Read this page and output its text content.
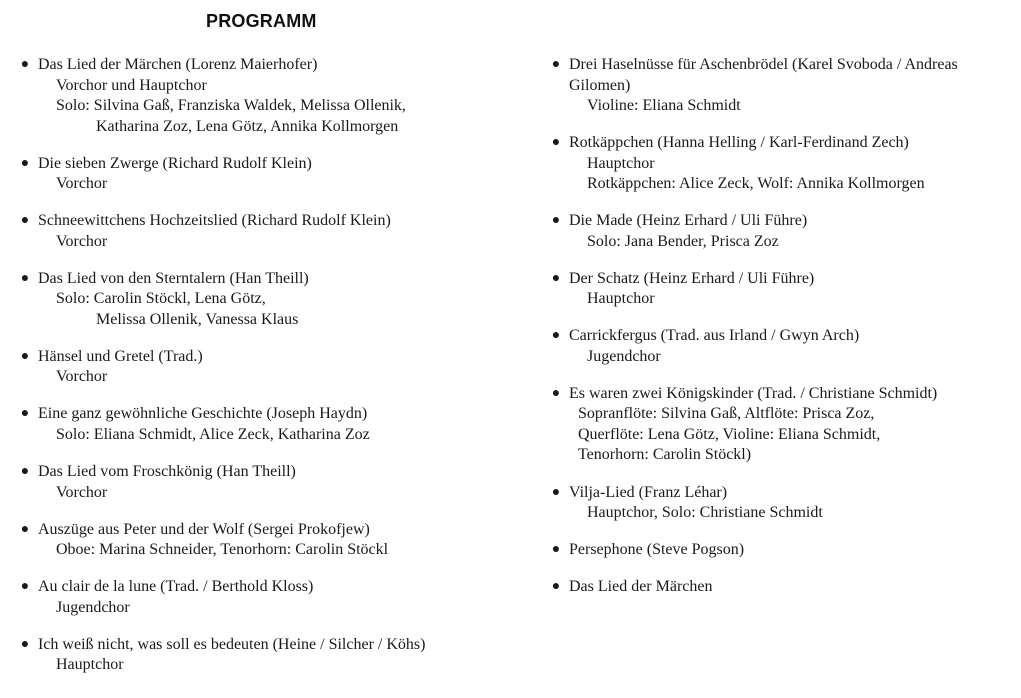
PROGRAMM
● Das Lied der Märchen (Lorenz Maierhofer)
Vorchor und Hauptchor
Solo: Silvina Gaß, Franziska Waldek, Melissa Ollenik,
Katharina Zoz, Lena Götz, Annika Kollmorgen
● Die sieben Zwerge (Richard Rudolf Klein)
Vorchor
● Schneewittchens Hochzeitslied (Richard Rudolf Klein)
Vorchor
● Das Lied von den Sterntalern (Han Theill)
Solo: Carolin Stöckl, Lena Götz,
Melissa Ollenik, Vanessa Klaus
● Hänsel und Gretel (Trad.)
Vorchor
● Eine ganz gewöhnliche Geschichte (Joseph Haydn)
Solo: Eliana Schmidt, Alice Zeck, Katharina Zoz
● Das Lied vom Froschkönig (Han Theill)
Vorchor
● Auszüge aus Peter und der Wolf (Sergei Prokofjew)
Oboe: Marina Schneider, Tenorhorn: Carolin Stöckl
● Au clair de la lune (Trad. / Berthold Kloss)
Jugendchor
● Ich weiß nicht, was soll es bedeuten (Heine / Silcher / Köhs)
Hauptchor
● Drei Haselnüsse für Aschenbrödel (Karel Svoboda / Andreas Gilomen)
Violine: Eliana Schmidt
● Rotkäppchen (Hanna Helling / Karl-Ferdinand Zech)
Hauptchor
Rotkäppchen: Alice Zeck, Wolf: Annika Kollmorgen
● Die Made (Heinz Erhard / Uli Führe)
Solo: Jana Bender, Prisca Zoz
● Der Schatz (Heinz Erhard / Uli Führe)
Hauptchor
● Carrickfergus (Trad. aus Irland / Gwyn Arch)
Jugendchor
● Es waren zwei Königskinder (Trad. / Christiane Schmidt)
Sopranflöte: Silvina Gaß, Altflöte: Prisca Zoz,
Querflöte: Lena Götz, Violine: Eliana Schmidt,
Tenorhorn: Carolin Stöckl)
● Vilja-Lied (Franz Léhar)
Hauptchor, Solo: Christiane Schmidt
● Persephone (Steve Pogson)
● Das Lied der Märchen
